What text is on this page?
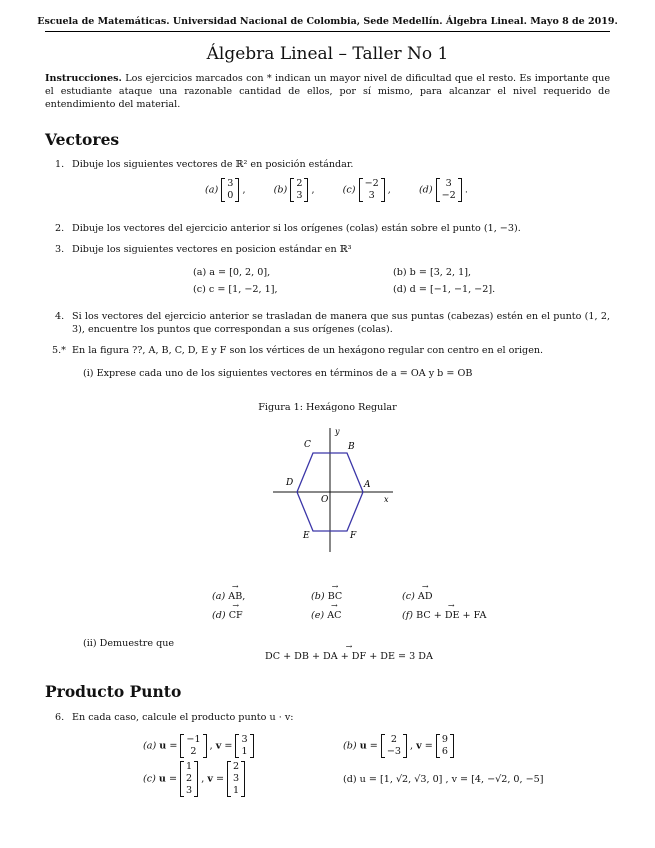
Escuela de Matemáticas. Universidad Nacional de Colombia, Sede Medellín. Álgebra Lineal. Mayo 8 de 2019.
Álgebra Lineal – Taller No 1
Instrucciones. Los ejercicios marcados con * indican un mayor nivel de dificultad que el resto. Es importante que el estudiante ataque una razonable cantidad de ellos, por sí mismo, para alcanzar el nivel requerido de entendimiento del material.
Vectores
1. Dibuje los siguientes vectores de ℝ² en posición estándar.
(a) 3
0 ,	(b) 2
3 ,	(c) −2
3 ,	(d) 3
−2 .
2. Dibuje los vectores del ejercicio anterior si los orígenes (colas) están sobre el punto (1, −3).
3. Dibuje los siguientes vectores en posicion estándar en ℝ³
(a) a = [0, 2, 0],	(b) b = [3, 2, 1],
(c) c = [1, −2, 1],	(d) d = [−1, −1, −2].
4. Si los vectores del ejercicio anterior se trasladan de manera que sus puntas (cabezas) estén en el punto (1, 2, 3), encuentre los puntos que correspondan a sus orígenes (colas).
5.* En la figura ??, A, B, C, D, E y F son los vértices de un hexágono regular con centro en el origen.
(i) Exprese cada uno de los siguientes vectores en términos de a = OA y b = OB
Figura 1: Hexágono Regular
A
B
C
D
E	F
O	x
y
(a) → AB,	(b) → BC	(c) → AD
(d) → CF	(e) → AC	(f) → BC + DE + FA
(ii) Demuestre que
→ DC + DB + DA + DF + DE = 3 DA
Producto Punto
6. En cada caso, calcule el producto punto u · v:
(a) u = −1
2 , v = 3
1	(b) u = 2
−3 , v = 9
6
(c) u = 1
2
3 , v = 2
3
1
(d) u = [1, √2, √3, 0] , v = [4, −√2, 0, −5]
